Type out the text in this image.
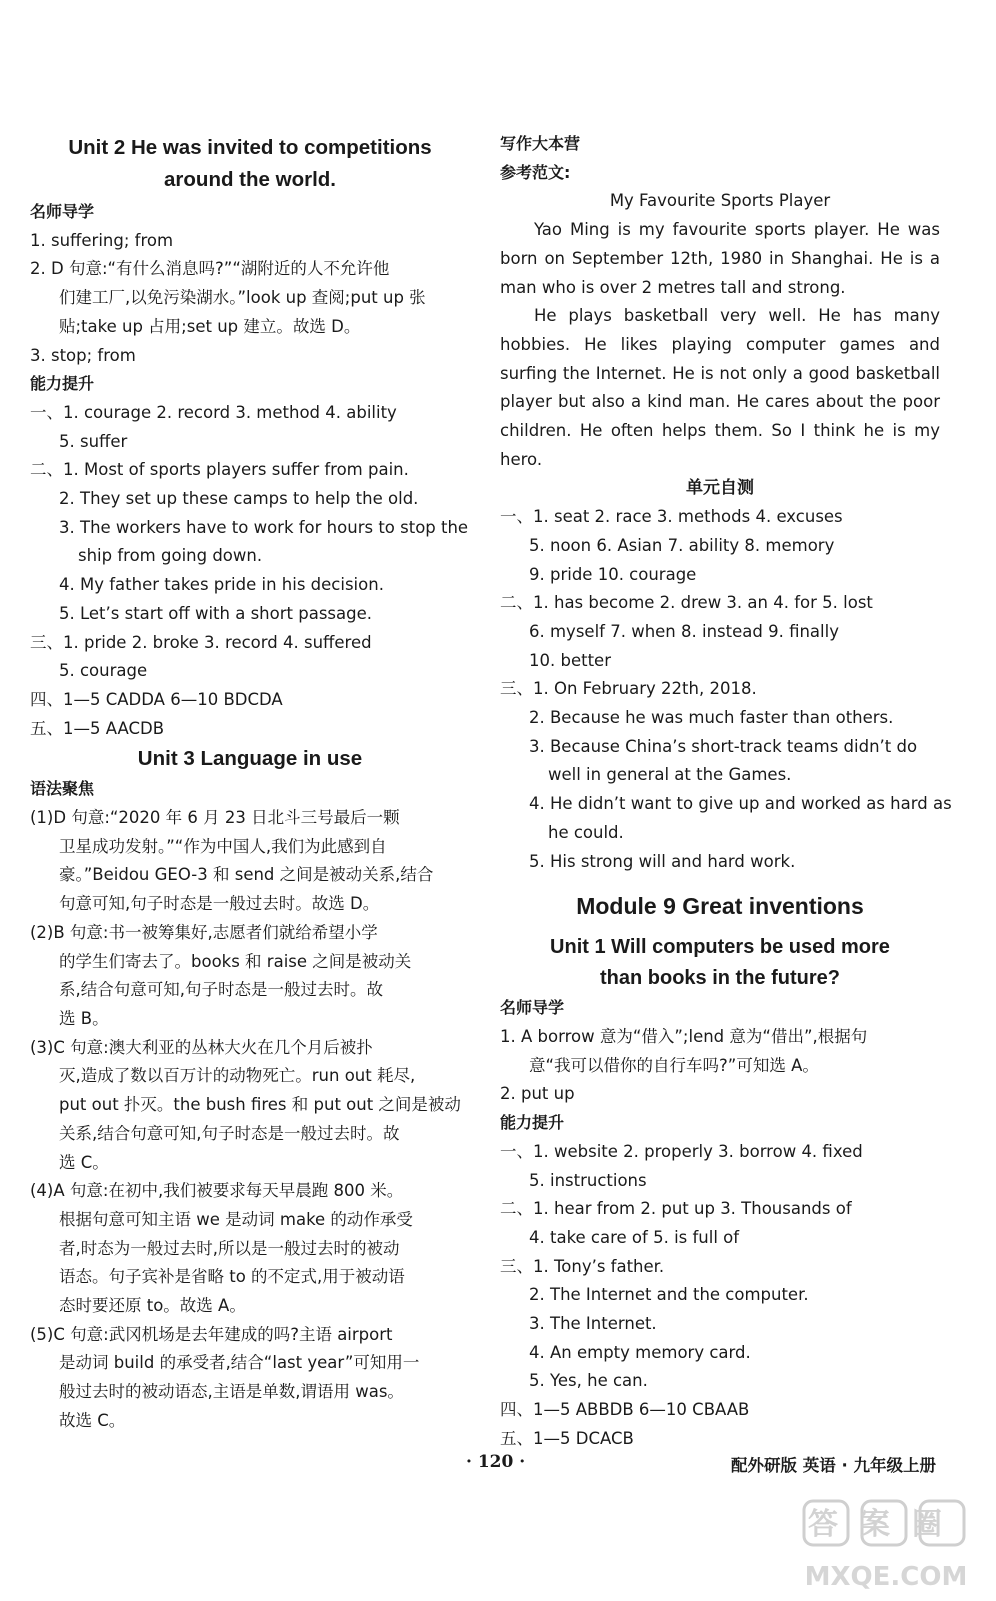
Unit 2 He was invited to competitions
around the world.
名师导学
1. suffering; from
2. D 句意:“有什么消息吗?”“湖附近的人不允许他
们建工厂,以免污染湖水。”look up 查阅;put up 张
贴;take up 占用;set up 建立。故选 D。
3. stop; from
能力提升
一、1. courage 2. record 3. method 4. ability
5. suffer
二、1. Most of sports players suffer from pain.
2. They set up these camps to help the old.
3. The workers have to work for hours to stop the
ship from going down.
4. My father takes pride in his decision.
5. Let’s start off with a short passage.
三、1. pride 2. broke 3. record 4. suffered
5. courage
四、1—5 CADDA 6—10 BDCDA
五、1—5 AACDB
Unit 3 Language in use
语法聚焦
(1)D 句意:“2020 年 6 月 23 日北斗三号最后一颗
卫星成功发射。”“作为中国人,我们为此感到自
豪。”Beidou GEO-3 和 send 之间是被动关系,结合
句意可知,句子时态是一般过去时。故选 D。
(2)B 句意:书一被筹集好,志愿者们就给希望小学
的学生们寄去了。books 和 raise 之间是被动关
系,结合句意可知,句子时态是一般过去时。故
选 B。
(3)C 句意:澳大利亚的丛林大火在几个月后被扑
灭,造成了数以百万计的动物死亡。run out 耗尽,
put out 扑灭。the bush fires 和 put out 之间是被动
关系,结合句意可知,句子时态是一般过去时。故
选 C。
(4)A 句意:在初中,我们被要求每天早晨跑 800 米。
根据句意可知主语 we 是动词 make 的动作承受
者,时态为一般过去时,所以是一般过去时的被动
语态。句子宾补是省略 to 的不定式,用于被动语
态时要还原 to。故选 A。
(5)C 句意:武冈机场是去年建成的吗?主语 airport
是动词 build 的承受者,结合“last year”可知用一
般过去时的被动语态,主语是单数,谓语用 was。
故选 C。
写作大本营
参考范文:
My Favourite Sports Player
Yao Ming is my favourite sports player. He was born on September 12th, 1980 in Shanghai. He is a man who is over 2 metres tall and strong.
He plays basketball very well. He has many hobbies. He likes playing computer games and surfing the Internet. He is not only a good basketball player but also a kind man. He cares about the poor children. He often helps them. So I think he is my hero.
单元自测
一、1. seat 2. race 3. methods 4. excuses
5. noon 6. Asian 7. ability 8. memory
9. pride 10. courage
二、1. has become 2. drew 3. an 4. for 5. lost
6. myself 7. when 8. instead 9. finally
10. better
三、1. On February 22th, 2018.
2. Because he was much faster than others.
3. Because China’s short-track teams didn’t do
well in general at the Games.
4. He didn’t want to give up and worked as hard as
he could.
5. His strong will and hard work.
Module 9 Great inventions
Unit 1 Will computers be used more
than books in the future?
名师导学
1. A borrow 意为“借入”;lend 意为“借出”,根据句
意“我可以借你的自行车吗?”可知选 A。
2. put up
能力提升
一、1. website 2. properly 3. borrow 4. fixed
5. instructions
二、1. hear from 2. put up 3. Thousands of
4. take care of 5. is full of
三、1. Tony’s father.
2. The Internet and the computer.
3. The Internet.
4. An empty memory card.
5. Yes, he can.
四、1—5 ABBDB 6—10 CBAAB
五、1—5 DCACB
· 120 ·	配外研版 英语 · 九年级上册
答案圈
MXQE.COM
